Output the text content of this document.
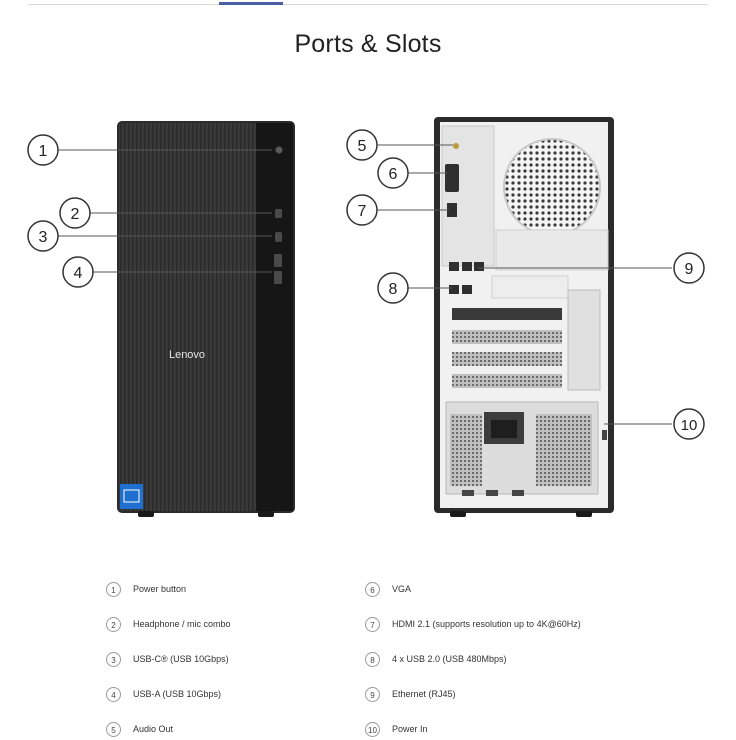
Ports & Slots
Lenovo
1
2
3
4
5
6
7
8
9
10
1	Power button
2	Headphone / mic combo
3	USB-C® (USB 10Gbps)
4	USB-A (USB 10Gbps)
5	Audio Out
6	VGA
7	HDMI 2.1 (supports resolution up to 4K@60Hz)
8	4 x USB 2.0 (USB 480Mbps)
9	Ethernet (RJ45)
10	Power In
